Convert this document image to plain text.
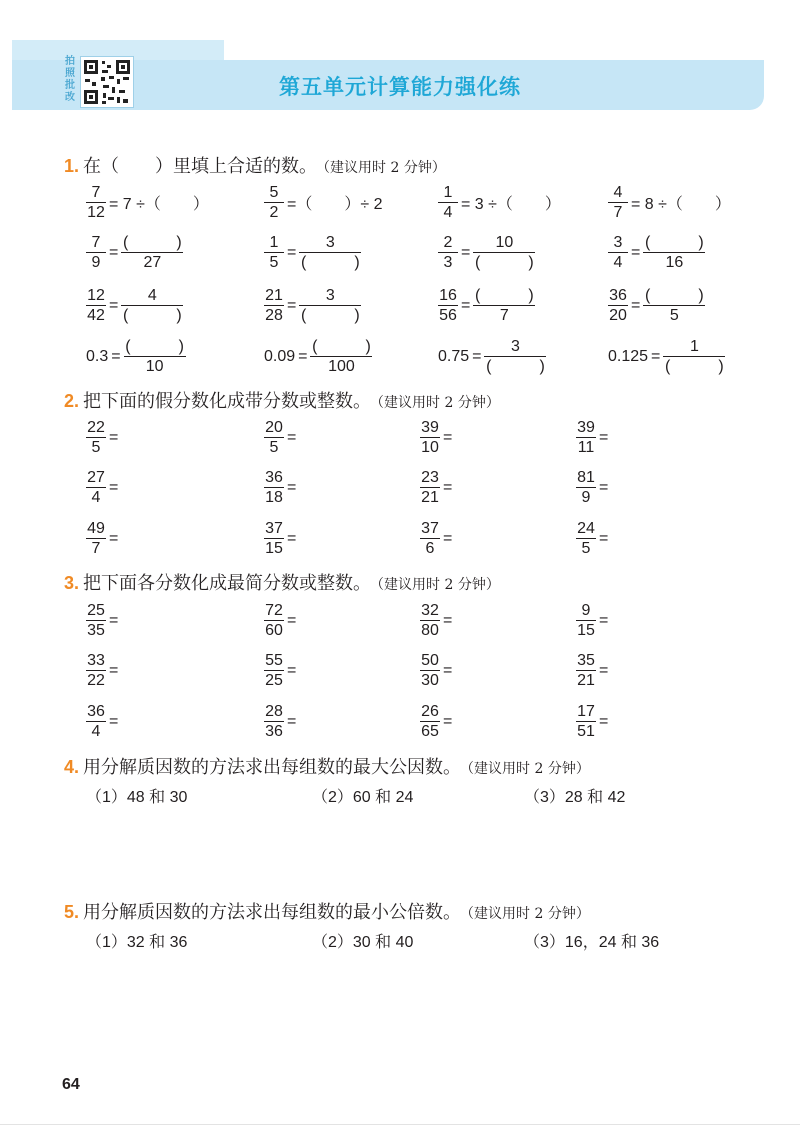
拍照批改	第五单元计算能力强化练
1. 在（　　）里填上合适的数。 （建议用时 2 分钟）
$\frac{7}{12} = 7$ ÷（　　）	$\frac{5}{2}$ =（　　）÷ 2	$\frac{1}{4} = 3$ ÷（　　）	$\frac{4}{7} = 8$ ÷（　　）
$\frac{7}{9} = \frac{( )}{27}$	$\frac{1}{5} = \frac{3}{( )}$	$\frac{2}{3} = \frac{10}{( )}$	$\frac{3}{4} = \frac{( )}{16}$
$\frac{12}{42} = \frac{4}{( )}$	$\frac{21}{28} = \frac{3}{( )}$	$\frac{16}{56} = \frac{( )}{7}$	$\frac{36}{20} = \frac{( )}{5}$
$0.3 = \frac{( )}{10}$	$0.09 = \frac{( )}{100}$	$0.75 = \frac{3}{( )}$	$0.125 = \frac{1}{( )}$
2. 把下面的假分数化成带分数或整数。 （建议用时 2 分钟）
$\frac{22}{5}$ =	$\frac{20}{5}$ =	$\frac{39}{10}$ =	$\frac{39}{11}$ =
$\frac{27}{4}$ =	$\frac{36}{18}$ =	$\frac{23}{21}$ =	$\frac{81}{9}$ =
$\frac{49}{7}$ =	$\frac{37}{15}$ =	$\frac{37}{6}$ =	$\frac{24}{5}$ =
3. 把下面各分数化成最简分数或整数。 （建议用时 2 分钟）
$\frac{25}{35}$ =	$\frac{72}{60}$ =	$\frac{32}{80}$ =	$\frac{9}{15}$ =
$\frac{33}{22}$ =	$\frac{55}{25}$ =	$\frac{50}{30}$ =	$\frac{35}{21}$ =
$\frac{36}{4}$ =	$\frac{28}{36}$ =	$\frac{26}{65}$ =	$\frac{17}{51}$ =
4. 用分解质因数的方法求出每组数的最大公因数。 （建议用时 2 分钟）
（1）48 和 30	（2）60 和 24	（3）28 和 42
5. 用分解质因数的方法求出每组数的最小公倍数。 （建议用时 2 分钟）
（1）32 和 36	（2）30 和 40	（3）16，24 和 36
64
